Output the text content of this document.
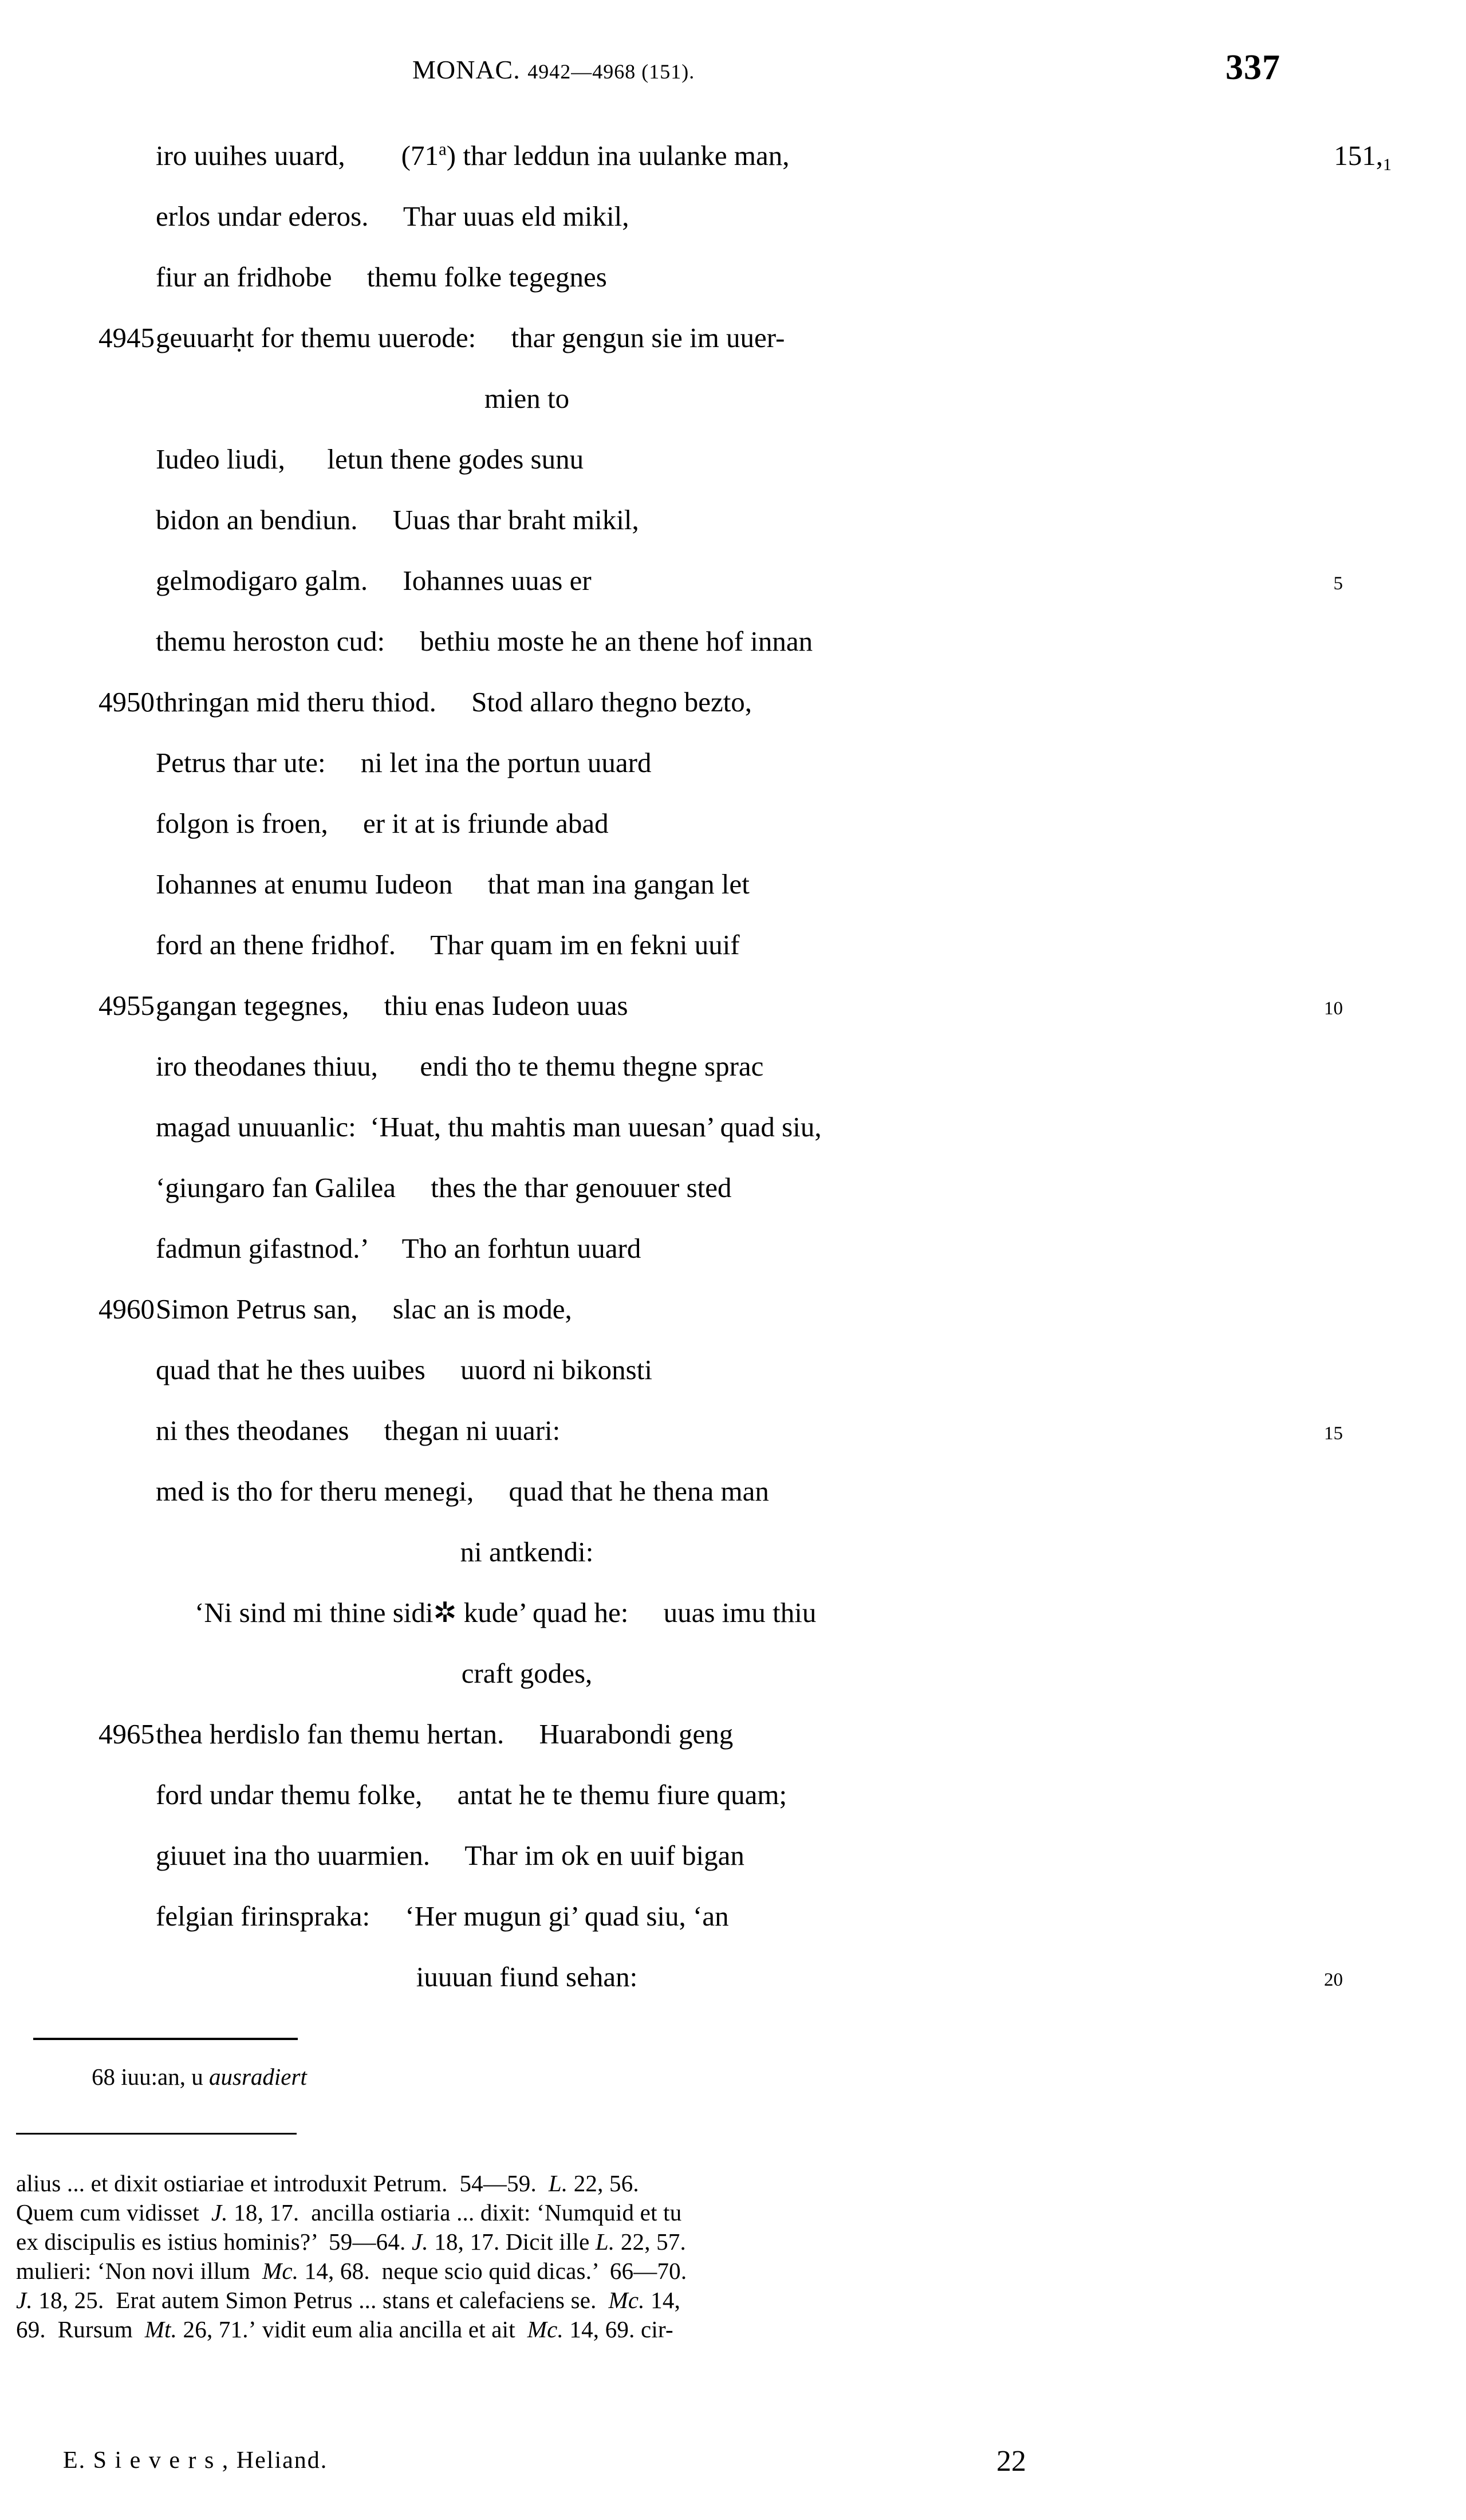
MONAC. 4942—4968 (151).	337
iro uuihes uuard,        (71$^a$) thar leddun ina uulanke man,	$151,_1$
erlos undar ederos.     Thar uuas eld mikil,
fiur an fridhobe     themu folke tegegnes
4945 geuuarḥt for themu uuerode:     thar gengun sie im uuer-
mien to
Iudeo liudi,      letun thene godes sunu
bidon an bendiun.     Uuas thar braht mikil,
gelmodigaro galm.     Iohannes uuas er	5
themu heroston cud:     bethiu moste he an thene hof innan
4950 thringan mid theru thiod.     Stod allaro thegno bezto,
Petrus thar ute:     ni let ina the portun uuard
folgon is froen,     er it at is friunde abad
Iohannes at enumu Iudeon     that man ina gangan let
ford an thene fridhof.     Thar quam im en fekni uuif
4955 gangan tegegnes,     thiu enas Iudeon uuas	10
iro theodanes thiuu,      endi tho te themu thegne sprac
magad unuuanlic:  ‘Huat, thu mahtis man uuesan’ quad siu,
‘giungaro fan Galilea     thes the thar genouuer sted
fadmun gifastnod.’     Tho an forhtun uuard
4960 Simon Petrus san,     slac an is mode,
quad that he thes uuibes     uuord ni bikonsti
ni thes theodanes     thegan ni uuari:	15
med is tho for theru menegi,     quad that he thena man
ni antkendi:
‘Ni sind mi thine sidi✲ kude’ quad he:     uuas imu thiu
craft godes,
4965 thea herdislo fan themu hertan.     Huarabondi geng
ford undar themu folke,     antat he te themu fiure quam;
giuuet ina tho uuarmien.     Thar im ok en uuif bigan
felgian firinspraka:     ‘Her mugun gi’ quad siu, ‘an
iuuuan fiund sehan:	20
68 iuu:an, u ausradiert
alius ... et dixit ostiariae et introduxit Petrum.  54—59.  L. 22, 56.
Quem cum vidisset  J. 18, 17.  ancilla ostiaria ... dixit: ‘Numquid et tu
ex discipulis es istius hominis?’  59—64. J. 18, 17. Dicit ille L. 22, 57.
mulieri: ‘Non novi illum  Mc. 14, 68.  neque scio quid dicas.’  66—70.
J. 18, 25.  Erat autem Simon Petrus ... stans et calefaciens se.  Mc. 14,
69.  Rursum  Mt. 26, 71.ʼ vidit eum alia ancilla et ait  Mc. 14, 69. cir-
E. S i e v e r s , Heliand.	22
